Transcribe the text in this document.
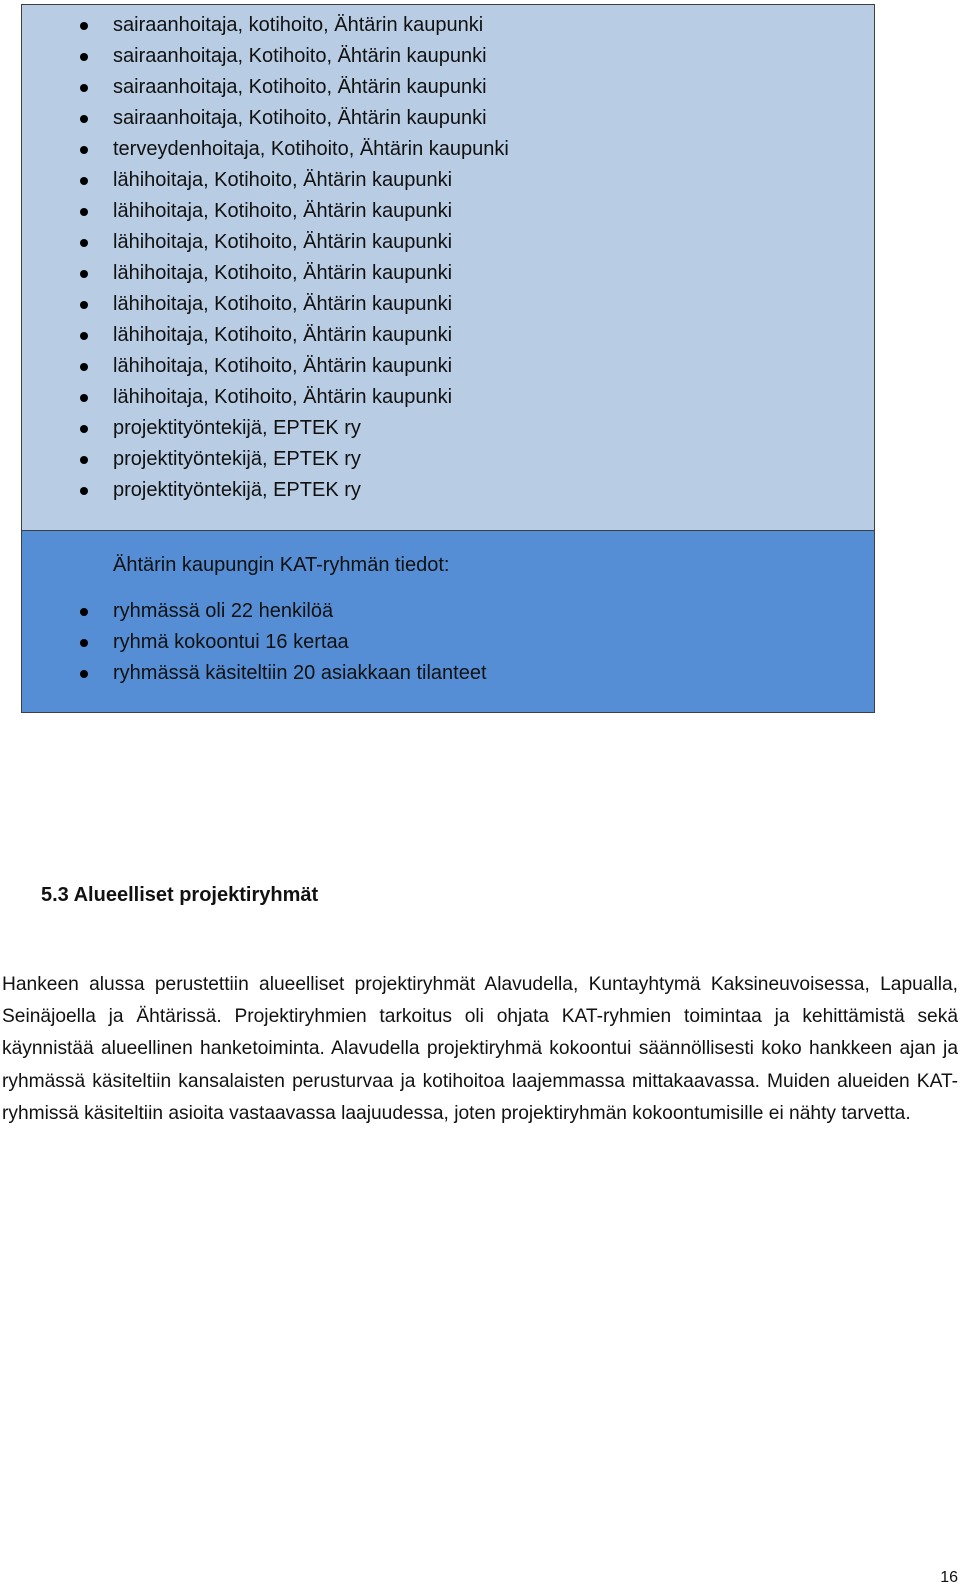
sairaanhoitaja, kotihoito, Ähtärin kaupunki
sairaanhoitaja, Kotihoito, Ähtärin kaupunki
sairaanhoitaja, Kotihoito, Ähtärin kaupunki
sairaanhoitaja, Kotihoito, Ähtärin kaupunki
terveydenhoitaja, Kotihoito, Ähtärin kaupunki
lähihoitaja, Kotihoito, Ähtärin kaupunki
lähihoitaja, Kotihoito, Ähtärin kaupunki
lähihoitaja, Kotihoito, Ähtärin kaupunki
lähihoitaja, Kotihoito, Ähtärin kaupunki
lähihoitaja, Kotihoito, Ähtärin kaupunki
lähihoitaja, Kotihoito, Ähtärin kaupunki
lähihoitaja, Kotihoito, Ähtärin kaupunki
lähihoitaja, Kotihoito, Ähtärin kaupunki
projektityöntekijä, EPTEK ry
projektityöntekijä, EPTEK ry
projektityöntekijä, EPTEK ry
Ähtärin kaupungin KAT-ryhmän tiedot:
ryhmässä oli 22 henkilöä
ryhmä kokoontui 16 kertaa
ryhmässä käsiteltiin 20 asiakkaan tilanteet
5.3 Alueelliset projektiryhmät
Hankeen alussa perustettiin alueelliset projektiryhmät Alavudella, Kuntayhtymä Kaksineuvoisessa, Lapualla, Seinäjoella ja Ähtärissä. Projektiryhmien tarkoitus oli ohjata KAT-ryhmien toimintaa ja kehittämistä sekä käynnistää alueellinen hanketoiminta. Alavudella projektiryhmä kokoontui säännöllisesti koko hankkeen ajan ja ryhmässä käsiteltiin kansalaisten perusturvaa ja kotihoitoa laajemmassa mittakaavassa. Muiden alueiden KAT-ryhmissä käsiteltiin asioita vastaavassa laajuudessa, joten projektiryhmän kokoontumisille ei nähty tarvetta.
16
